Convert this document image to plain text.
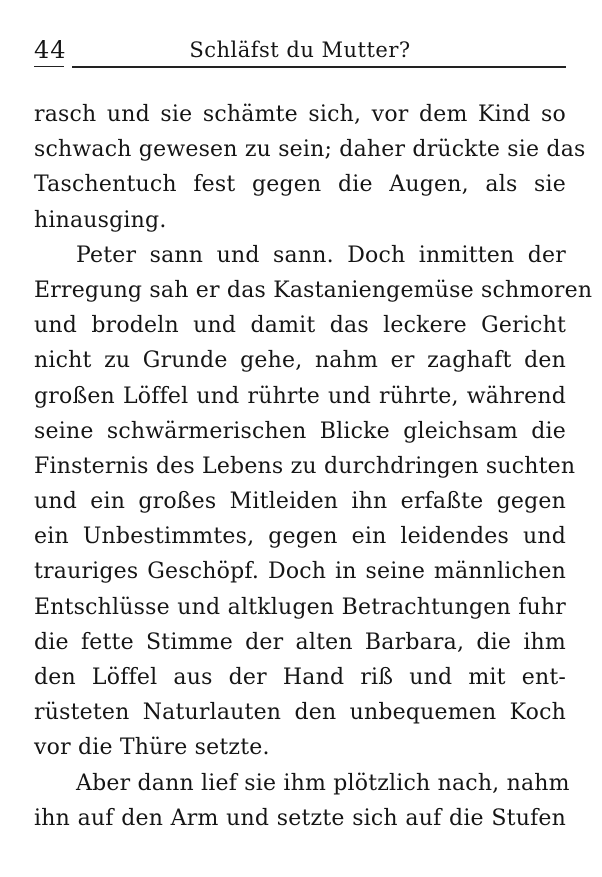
44	Schläfst du Mutter?
rasch und sie schämte sich, vor dem Kind so
schwach gewesen zu sein; daher drückte sie das
Taschentuch fest gegen die Augen, als sie
hinausging.
Peter sann und sann. Doch inmitten der
Erregung sah er das Kastaniengemüse schmoren
und brodeln und damit das leckere Gericht
nicht zu Grunde gehe, nahm er zaghaft den
großen Löffel und rührte und rührte, während
seine schwärmerischen Blicke gleichsam die
Finsternis des Lebens zu durchdringen suchten
und ein großes Mitleiden ihn erfaßte gegen
ein Unbestimmtes, gegen ein leidendes und
trauriges Geschöpf. Doch in seine männlichen
Entschlüsse und altklugen Betrachtungen fuhr
die fette Stimme der alten Barbara, die ihm
den Löffel aus der Hand riß und mit ent-
rüsteten Naturlauten den unbequemen Koch
vor die Thüre setzte.
Aber dann lief sie ihm plötzlich nach, nahm
ihn auf den Arm und setzte sich auf die Stufen
